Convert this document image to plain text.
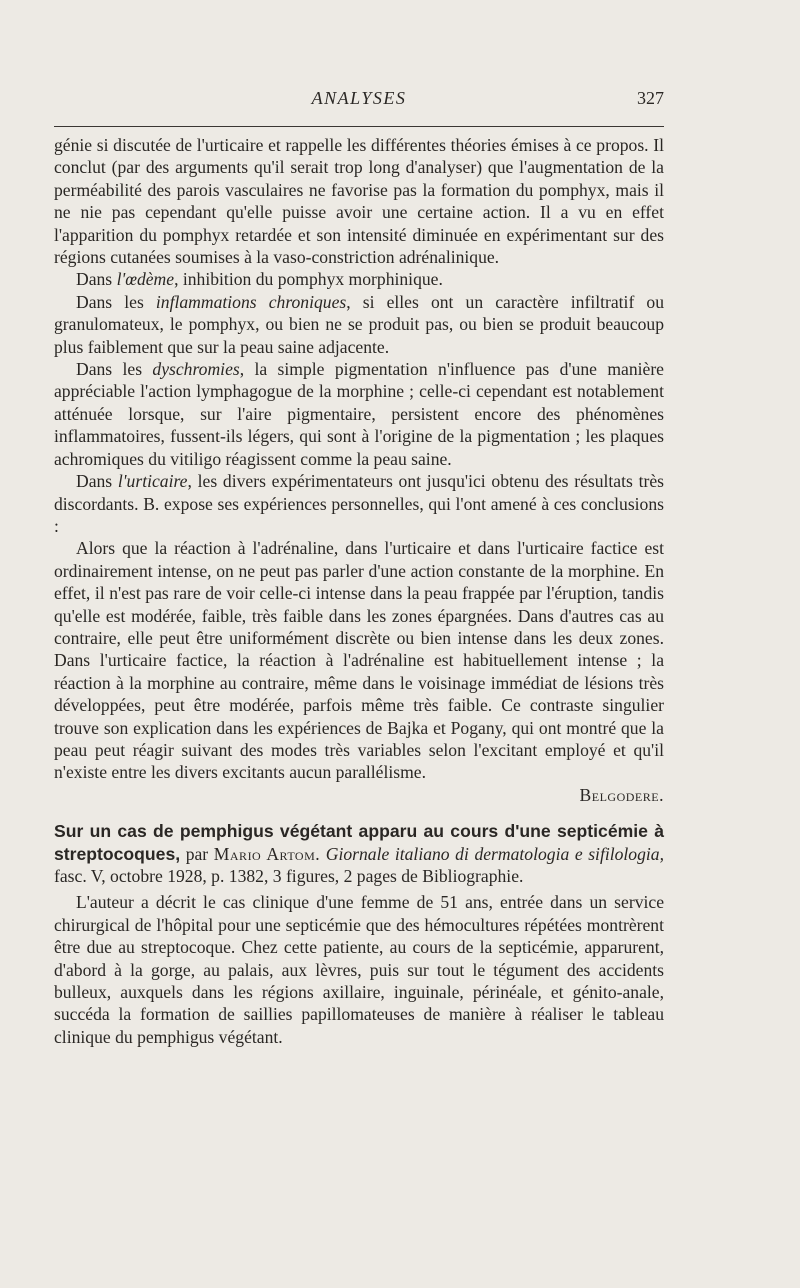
ANALYSES	327

génie si discutée de l'urticaire et rappelle les différentes théories émises à ce propos. Il conclut (par des arguments qu'il serait trop long d'analyser) que l'augmentation de la perméabilité des parois vasculaires ne favorise pas la formation du pomphyx, mais il ne nie pas cependant qu'elle puisse avoir une certaine action. Il a vu en effet l'apparition du pomphyx retardée et son intensité diminuée en expérimentant sur des régions cutanées soumises à la vaso-constriction adrénalinique.

Dans l'œdème, inhibition du pomphyx morphinique.

Dans les inflammations chroniques, si elles ont un caractère infiltratif ou granulomateux, le pomphyx, ou bien ne se produit pas, ou bien se produit beaucoup plus faiblement que sur la peau saine adjacente.

Dans les dyschromies, la simple pigmentation n'influence pas d'une manière appréciable l'action lymphagogue de la morphine ; celle-ci cependant est notablement atténuée lorsque, sur l'aire pigmentaire, persistent encore des phénomènes inflammatoires, fussent-ils légers, qui sont à l'origine de la pigmentation ; les plaques achromiques du vitiligo réagissent comme la peau saine.

Dans l'urticaire, les divers expérimentateurs ont jusqu'ici obtenu des résultats très discordants. B. expose ses expériences personnelles, qui l'ont amené à ces conclusions :

Alors que la réaction à l'adrénaline, dans l'urticaire et dans l'urticaire factice est ordinairement intense, on ne peut pas parler d'une action constante de la morphine. En effet, il n'est pas rare de voir celle-ci intense dans la peau frappée par l'éruption, tandis qu'elle est modérée, faible, très faible dans les zones épargnées. Dans d'autres cas au contraire, elle peut être uniformément discrète ou bien intense dans les deux zones. Dans l'urticaire factice, la réaction à l'adrénaline est habituellement intense ; la réaction à la morphine au contraire, même dans le voisinage immédiat de lésions très développées, peut être modérée, parfois même très faible. Ce contraste singulier trouve son explication dans les expériences de Bajka et Pogany, qui ont montré que la peau peut réagir suivant des modes très variables selon l'excitant employé et qu'il n'existe entre les divers excitants aucun parallélisme.

Belgodere.

Sur un cas de pemphigus végétant apparu au cours d'une septicémie à streptocoques, par Mario Artom. Giornale italiano di dermatologia e sifilologia, fasc. V, octobre 1928, p. 1382, 3 figures, 2 pages de Bibliographie.

L'auteur a décrit le cas clinique d'une femme de 51 ans, entrée dans un service chirurgical de l'hôpital pour une septicémie que des hémocultures répétées montrèrent être due au streptocoque. Chez cette patiente, au cours de la septicémie, apparurent, d'abord à la gorge, au palais, aux lèvres, puis sur tout le tégument des accidents bulleux, auxquels dans les régions axillaire, inguinale, périnéale, et génito-anale, succéda la formation de saillies papillomateuses de manière à réaliser le tableau clinique du pemphigus végétant.
